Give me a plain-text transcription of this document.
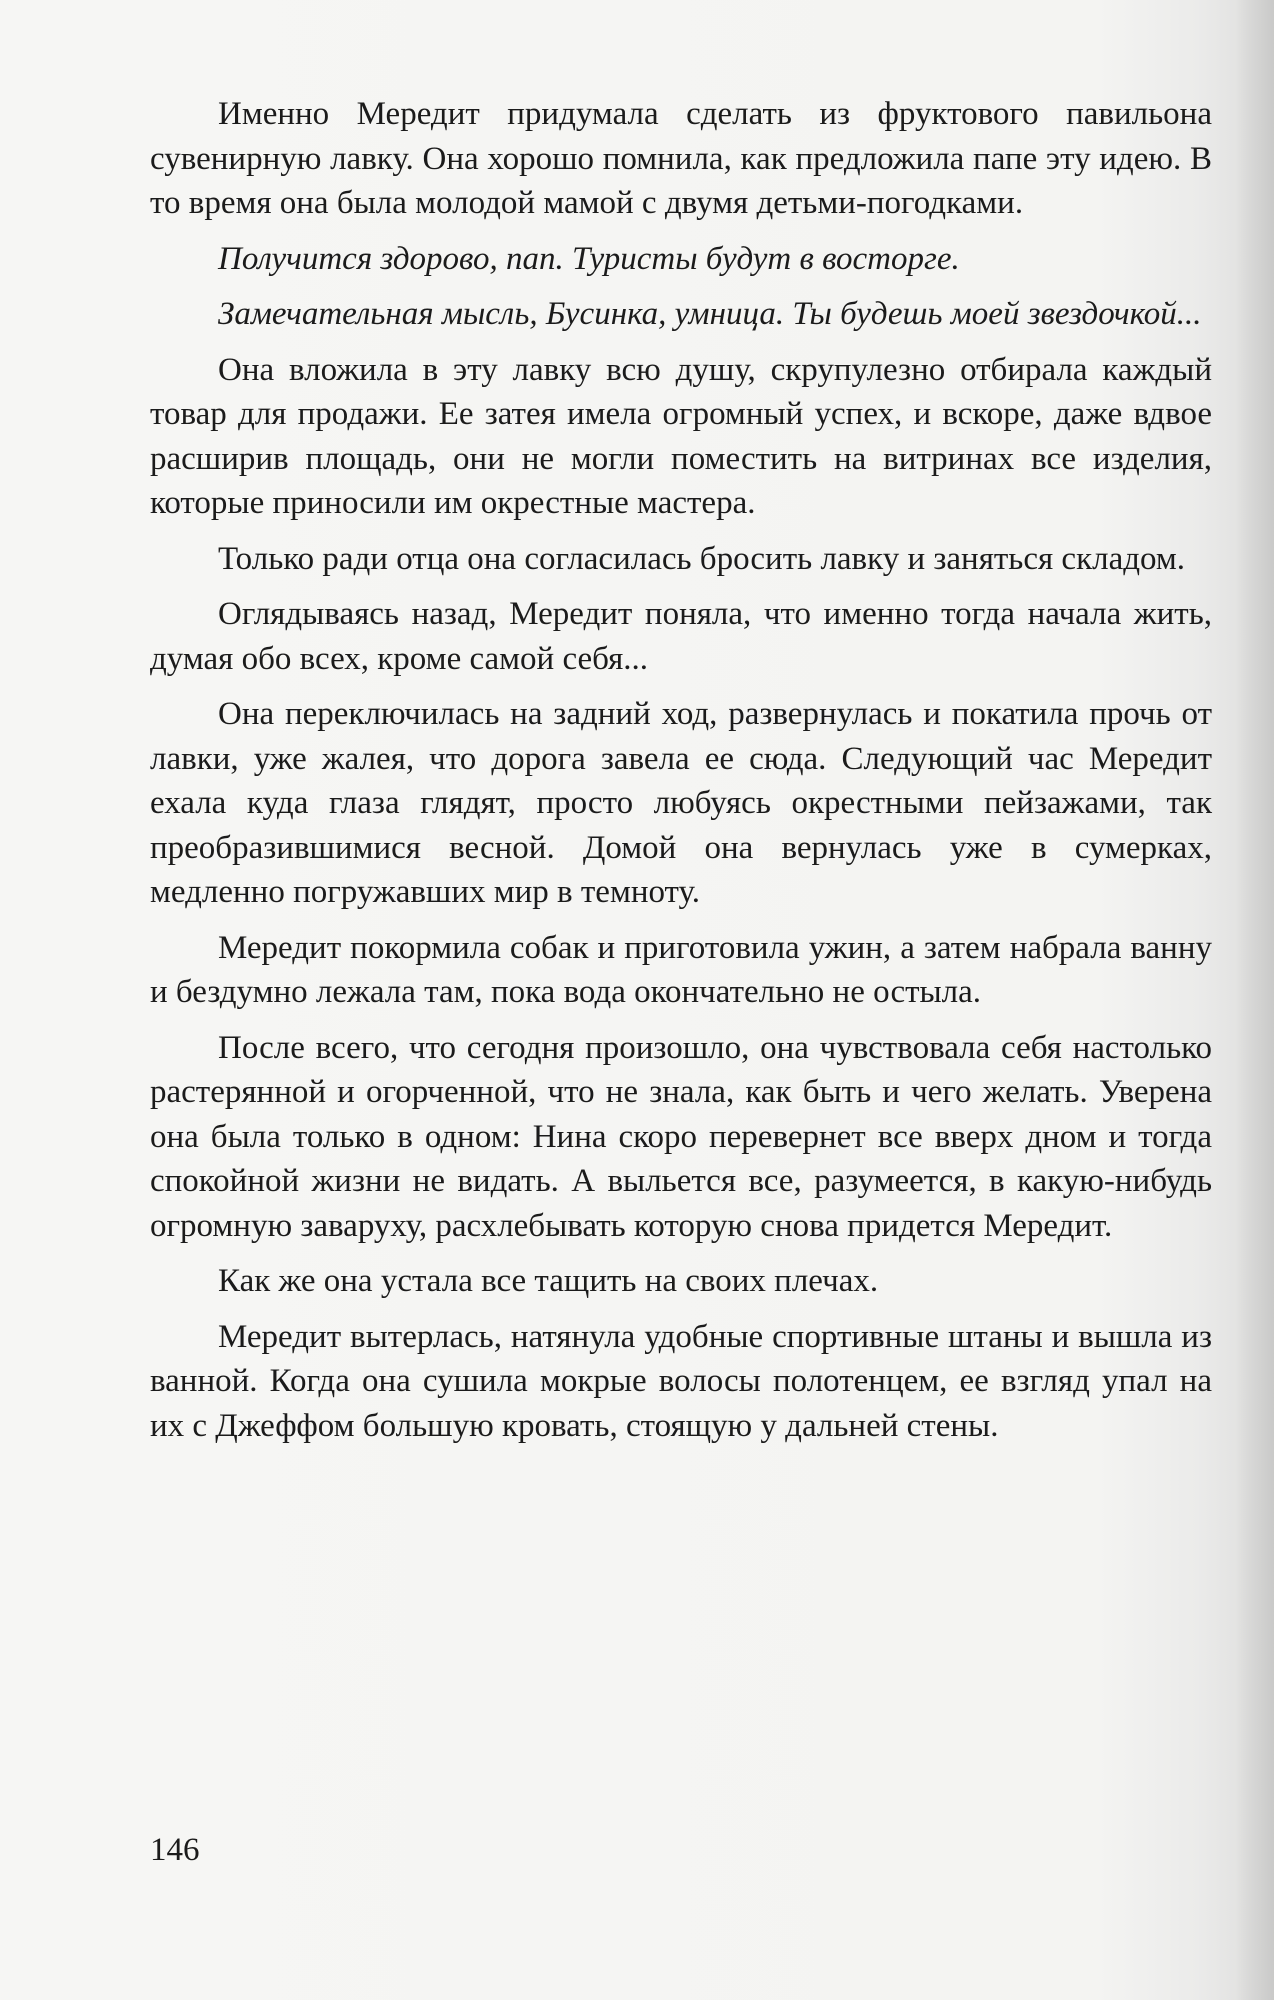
Именно Мередит придумала сделать из фруктового павильона сувенирную лавку. Она хорошо помнила, как предложила папе эту идею. В то время она была молодой мамой с двумя детьми-погодками.

Получится здорово, пап. Туристы будут в восторге.

Замечательная мысль, Бусинка, умница. Ты будешь моей звездочкой...

Она вложила в эту лавку всю душу, скрупулезно отбирала каждый товар для продажи. Ее затея имела огромный успех, и вскоре, даже вдвое расширив площадь, они не могли поместить на витринах все изделия, которые приносили им окрестные мастера.

Только ради отца она согласилась бросить лавку и заняться складом.

Оглядываясь назад, Мередит поняла, что именно тогда начала жить, думая обо всех, кроме самой себя...

Она переключилась на задний ход, развернулась и покатила прочь от лавки, уже жалея, что дорога завела ее сюда. Следующий час Мередит ехала куда глаза глядят, просто любуясь окрестными пейзажами, так преобразившимися весной. Домой она вернулась уже в сумерках, медленно погружавших мир в темноту.

Мередит покормила собак и приготовила ужин, а затем набрала ванну и бездумно лежала там, пока вода окончательно не остыла.

После всего, что сегодня произошло, она чувствовала себя настолько растерянной и огорченной, что не знала, как быть и чего желать. Уверена она была только в одном: Нина скоро перевернет все вверх дном и тогда спокойной жизни не видать. А выльется все, разумеется, в какую-нибудь огромную заваруху, расхлебывать которую снова придется Мередит.

Как же она устала все тащить на своих плечах.

Мередит вытерлась, натянула удобные спортивные штаны и вышла из ванной. Когда она сушила мокрые волосы полотенцем, ее взгляд упал на их с Джеффом большую кровать, стоящую у дальней стены.

146
